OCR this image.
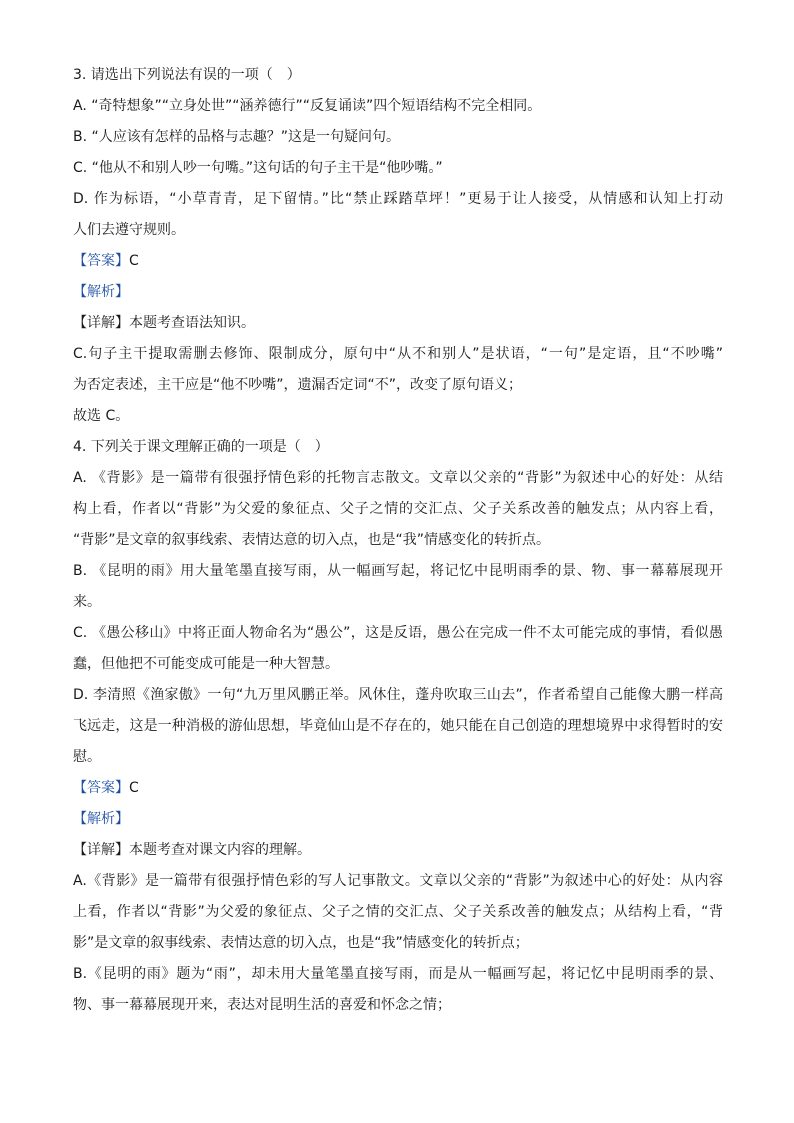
3. 请选出下列说法有误的一项（　）
A. “奇特想象”“立身处世”“涵养德行”“反复诵读”四个短语结构不完全相同。
B. “人应该有怎样的品格与志趣？”这是一句疑问句。
C. “他从不和别人吵一句嘴。”这句话的句子主干是“他吵嘴。”
D. 作为标语，“小草青青，足下留情。”比“禁止踩踏草坪！”更易于让人接受，从情感和认知上打动
人们去遵守规则。
【答案】C
【解析】
【详解】本题考查语法知识。
C.句子主干提取需删去修饰、限制成分，原句中“从不和别人”是状语，“一句”是定语，且“不吵嘴”
为否定表述，主干应是“他不吵嘴”，遗漏否定词“不”，改变了原句语义；
故选 C。
4. 下列关于课文理解正确的一项是（　）
A. 《背影》是一篇带有很强抒情色彩的托物言志散文。文章以父亲的“背影”为叙述中心的好处：从结
构上看，作者以“背影”为父爱的象征点、父子之情的交汇点、父子关系改善的触发点；从内容上看，
“背影”是文章的叙事线索、表情达意的切入点，也是“我”情感变化的转折点。
B. 《昆明的雨》用大量笔墨直接写雨，从一幅画写起，将记忆中昆明雨季的景、物、事一幕幕展现开
来。
C. 《愚公移山》中将正面人物命名为“愚公”，这是反语，愚公在完成一件不太可能完成的事情，看似愚
蠢，但他把不可能变成可能是一种大智慧。
D. 李清照《渔家傲》一句“九万里风鹏正举。风休住，蓬舟吹取三山去”，作者希望自己能像大鹏一样高
飞远走，这是一种消极的游仙思想，毕竟仙山是不存在的，她只能在自己创造的理想境界中求得暂时的安
慰。
【答案】C
【解析】
【详解】本题考查对课文内容的理解。
A.《背影》是一篇带有很强抒情色彩的写人记事散文。文章以父亲的“背影”为叙述中心的好处：从内容
上看，作者以“背影”为父爱的象征点、父子之情的交汇点、父子关系改善的触发点；从结构上看，“背
影”是文章的叙事线索、表情达意的切入点，也是“我”情感变化的转折点；
B.《昆明的雨》题为“雨”，却未用大量笔墨直接写雨，而是从一幅画写起，将记忆中昆明雨季的景、
物、事一幕幕展现开来，表达对昆明生活的喜爱和怀念之情；
